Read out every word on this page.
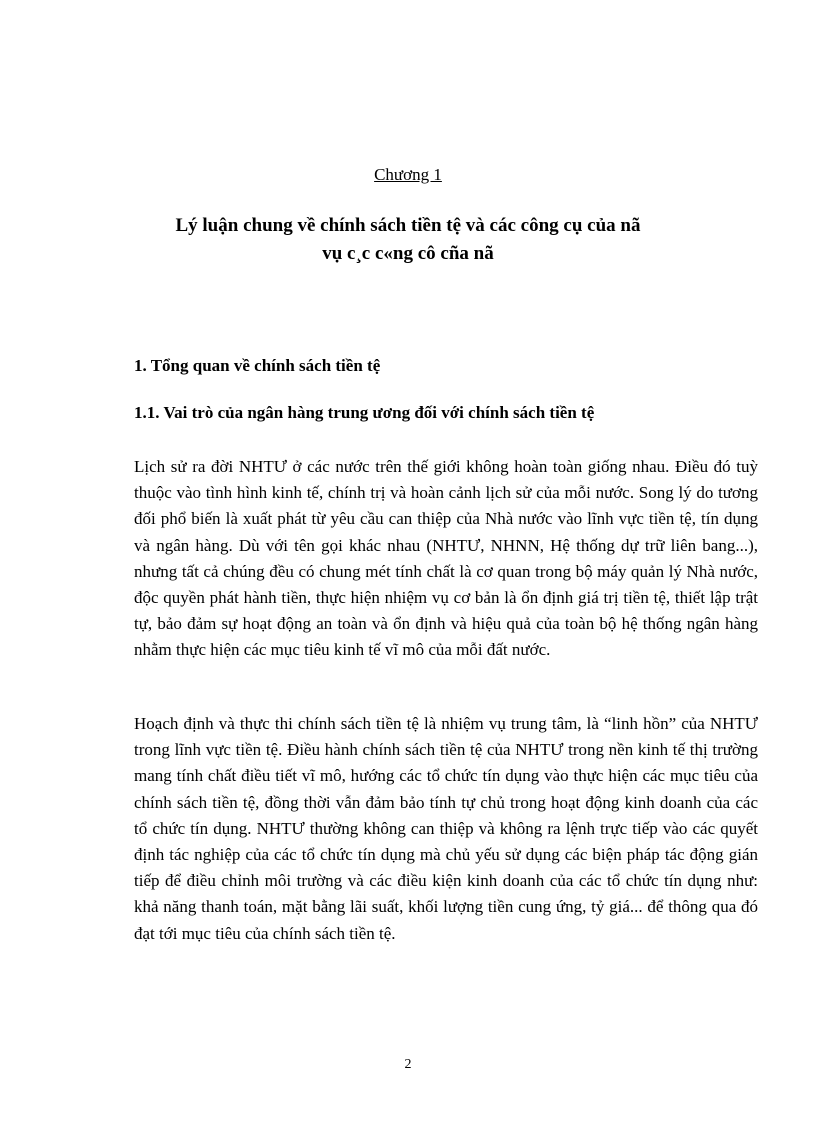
Chương 1
Lý luận chung về chính sách tiền tệ và các công cụ của nã
vụ c¸c c«ng cô cña nã
1. Tổng quan về chính sách tiền tệ
1.1. Vai trò của ngân hàng trung ương đối với chính sách tiền tệ

Lịch sử ra đời NHTƯ ở các nước trên thế giới không hoàn toàn giống nhau. Điều đó tuỳ thuộc vào tình hình kinh tế, chính trị và hoàn cảnh lịch sử của mỗi nước. Song lý do tương đối phổ biến là xuất phát từ yêu cầu can thiệp của Nhà nước vào lĩnh vực tiền tệ, tín dụng và ngân hàng. Dù với tên gọi khác nhau (NHTƯ, NHNN, Hệ thống dự trữ liên bang...), nhưng tất cả chúng đều có chung mét tính chất là cơ quan trong bộ máy quản lý Nhà nước, độc quyền phát hành tiền, thực hiện nhiệm vụ cơ bản là ổn định giá trị tiền tệ, thiết lập trật tự, bảo đảm sự hoạt động an toàn và ổn định và hiệu quả của toàn bộ hệ thống ngân hàng nhằm thực hiện các mục tiêu kinh tế vĩ mô của mỗi đất nước.

Hoạch định và thực thi chính sách tiền tệ là nhiệm vụ trung tâm, là “linh hồn” của NHTƯ trong lĩnh vực tiền tệ. Điều hành chính sách tiền tệ của NHTƯ trong nền kinh tế thị trường mang tính chất điều tiết vĩ mô, hướng các tổ chức tín dụng vào thực hiện các mục tiêu của chính sách tiền tệ, đồng thời vẫn đảm bảo tính tự chủ trong hoạt động kinh doanh của các tổ chức tín dụng. NHTƯ thường không can thiệp và không ra lệnh trực tiếp vào các quyết định tác nghiệp của các tổ chức tín dụng mà chủ yếu sử dụng các biện pháp tác động gián tiếp để điều chỉnh môi trường và các điều kiện kinh doanh của các tổ chức tín dụng như: khả năng thanh toán, mặt bằng lãi suất, khối lượng tiền cung ứng, tỷ giá... để thông qua đó đạt tới mục tiêu của chính sách tiền tệ.

2
